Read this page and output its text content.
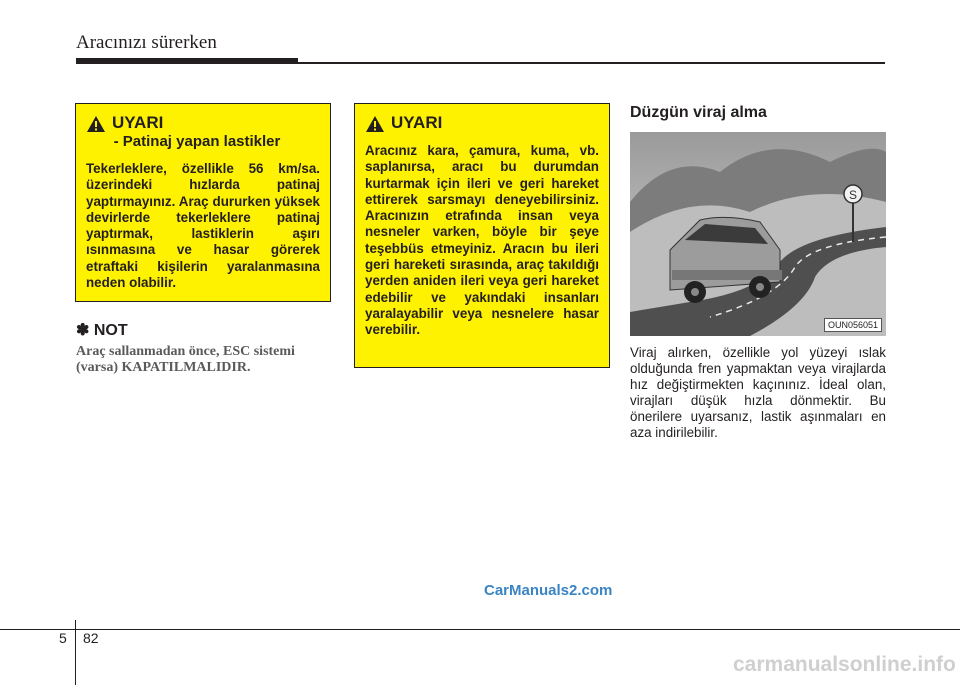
Aracınızı sürerken
UYARI - Patinaj yapan lastikler
Tekerleklere, özellikle 56 km/sa. üzerindeki hızlarda patinaj yaptırmayınız. Araç dururken yüksek devirlerde tekerleklere patinaj yaptırmak, lastiklerin aşırı ısınmasına ve hasar görerek etraftaki kişilerin yaralanmasına neden olabilir.
UYARI
Aracınız kara, çamura, kuma, vb. saplanırsa, aracı bu durumdan kurtarmak için ileri ve geri hareket ettirerek sarsmayı deneyebilirsiniz. Aracınızın etrafında insan veya nesneler varken, böyle bir şeye teşebbüs etmeyiniz. Aracın bu ileri geri hareketi sırasında, araç takıldığı yerden aniden ileri veya geri hareket edebilir ve yakındaki insanları yaralayabilir veya nesnelere hasar verebilir.
✽ NOT
Araç sallanmadan önce, ESC sistemi (varsa) KAPATILMALIDIR.
Düzgün viraj alma
S
OUN056051
Viraj alırken, özellikle yol yüzeyi ıslak olduğunda fren yapmaktan veya virajlarda hız değiştirmekten kaçınınız. İdeal olan, virajları düşük hızla dönmektir. Bu önerilere uyarsanız, lastik aşınmaları en aza indirilebilir.
CarManuals2.com
5 82
carmanualsonline.info
